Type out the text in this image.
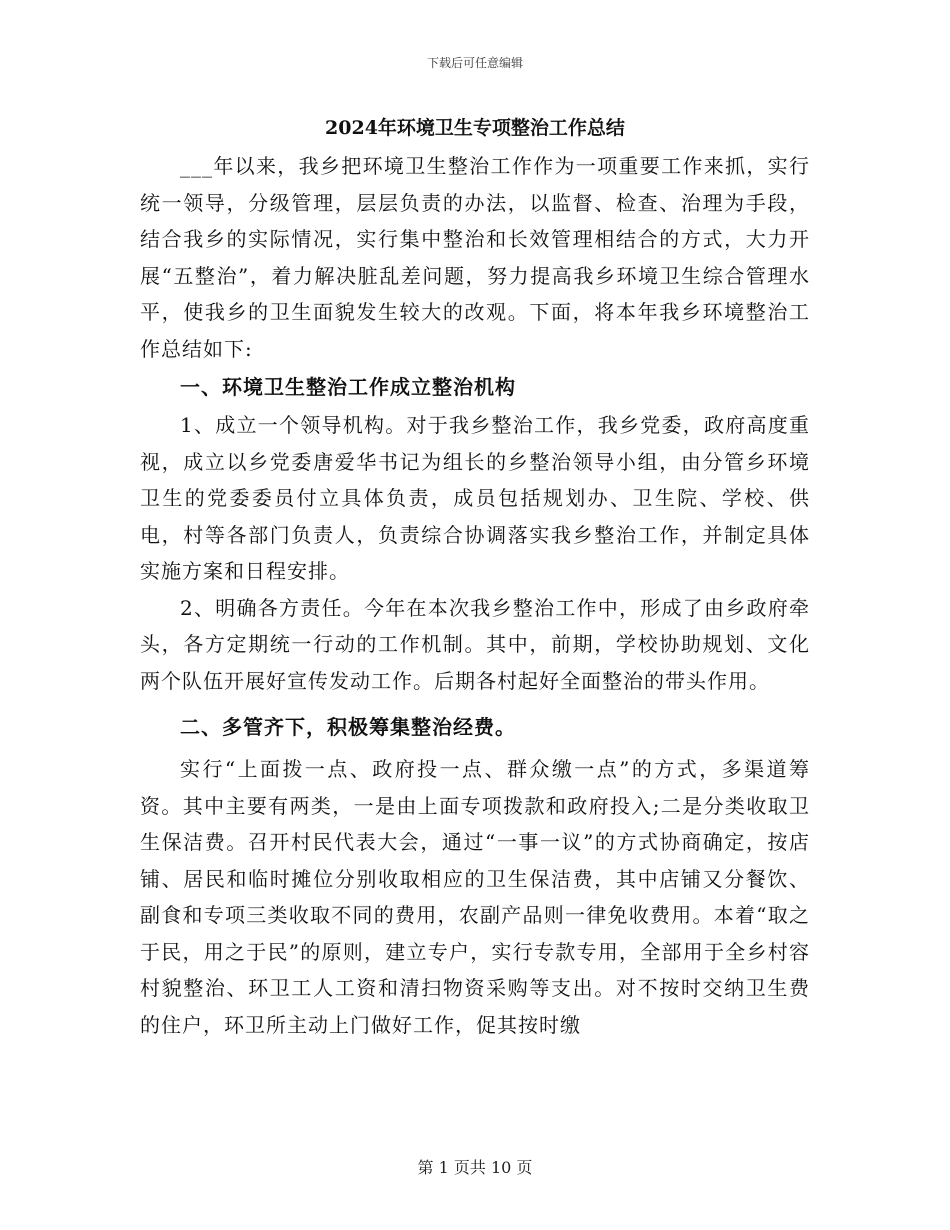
下载后可任意编辑
2024年环境卫生专项整治工作总结

___年以来，我乡把环境卫生整治工作作为一项重要工作来抓，实行统一领导，分级管理，层层负责的办法，以监督、检查、治理为手段，结合我乡的实际情况，实行集中整治和长效管理相结合的方式，大力开展“五整治”，着力解决脏乱差问题，努力提高我乡环境卫生综合管理水平，使我乡的卫生面貌发生较大的改观。下面，将本年我乡环境整治工作总结如下:

一、环境卫生整治工作成立整治机构

1、成立一个领导机构。对于我乡整治工作，我乡党委，政府高度重视，成立以乡党委唐爱华书记为组长的乡整治领导小组，由分管乡环境卫生的党委委员付立具体负责，成员包括规划办、卫生院、学校、供电，村等各部门负责人，负责综合协调落实我乡整治工作，并制定具体实施方案和日程安排。

2、明确各方责任。今年在本次我乡整治工作中，形成了由乡政府牵头，各方定期统一行动的工作机制。其中，前期，学校协助规划、文化两个队伍开展好宣传发动工作。后期各村起好全面整治的带头作用。

二、多管齐下，积极筹集整治经费。

实行“上面拨一点、政府投一点、群众缴一点”的方式，多渠道筹资。其中主要有两类，一是由上面专项拨款和政府投入;二是分类收取卫生保洁费。召开村民代表大会，通过“一事一议”的方式协商确定，按店铺、居民和临时摊位分别收取相应的卫生保洁费，其中店铺又分餐饮、副食和专项三类收取不同的费用，农副产品则一律免收费用。本着“取之于民，用之于民”的原则，建立专户，实行专款专用，全部用于全乡村容村貌整治、环卫工人工资和清扫物资采购等支出。对不按时交纳卫生费的住户，环卫所主动上门做好工作，促其按时缴

第 1 页共 10 页
